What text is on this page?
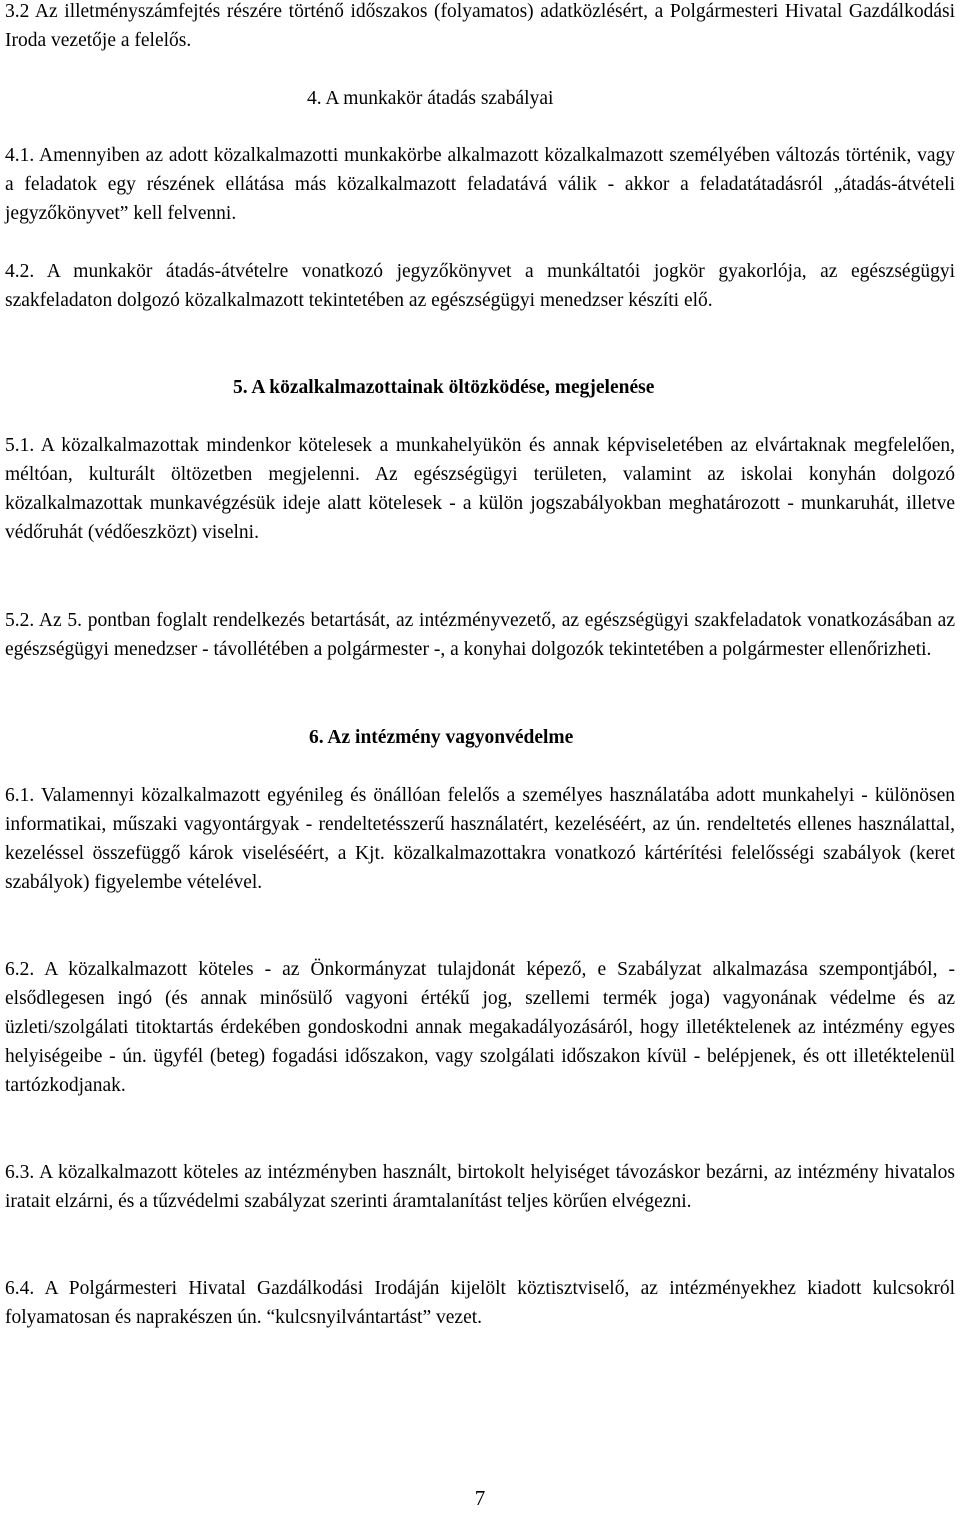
3.2 Az illetményszámfejtés részére történő időszakos (folyamatos) adatközlésért, a Polgármesteri Hivatal Gazdálkodási Iroda vezetője a felelős.
4. A munkakör átadás szabályai
4.1. Amennyiben az adott közalkalmazotti munkakörbe alkalmazott közalkalmazott személyében változás történik, vagy a feladatok egy részének ellátása más közalkalmazott feladatává válik - akkor a feladatátadásról „átadás-átvételi jegyzőkönyvet” kell felvenni.
4.2. A munkakör átadás-átvételre vonatkozó jegyzőkönyvet a munkáltatói jogkör gyakorlója, az egészségügyi szakfeladaton dolgozó közalkalmazott tekintetében az egészségügyi menedzser készíti elő.
5. A közalkalmazottainak öltözködése, megjelenése
5.1. A közalkalmazottak mindenkor kötelesek a munkahelyükön és annak képviseletében az elvártaknak megfelelően, méltóan, kulturált öltözetben megjelenni. Az egészségügyi területen, valamint az iskolai konyhán dolgozó közalkalmazottak munkavégzésük ideje alatt kötelesek - a külön jogszabályokban meghatározott - munkaruhát, illetve védőruhát (védőeszközt) viselni.
5.2. Az 5. pontban foglalt rendelkezés betartását, az intézményvezető, az egészségügyi szakfeladatok vonatkozásában az egészségügyi menedzser - távollétében a polgármester -, a konyhai dolgozók tekintetében a polgármester ellenőrizheti.
6. Az intézmény vagyonvédelme
6.1. Valamennyi közalkalmazott egyénileg és önállóan felelős a személyes használatába adott munkahelyi - különösen informatikai, műszaki vagyontárgyak - rendeltetésszerű használatért, kezeléséért, az ún. rendeltetés ellenes használattal, kezeléssel összefüggő károk viseléséért, a Kjt. közalkalmazottakra vonatkozó kártérítési felelősségi szabályok (keret szabályok) figyelembe vételével.
6.2. A közalkalmazott köteles - az Önkormányzat tulajdonát képező, e Szabályzat alkalmazása szempontjából, - elsődlegesen ingó (és annak minősülő vagyoni értékű jog, szellemi termék joga) vagyonának védelme és az üzleti/szolgálati titoktartás érdekében gondoskodni annak megakadályozásáról, hogy illetéktelenek az intézmény egyes helyiségeibe - ún. ügyfél (beteg) fogadási időszakon, vagy szolgálati időszakon kívül - belépjenek, és ott illetéktelenül tartózkodjanak.
6.3. A közalkalmazott köteles az intézményben használt, birtokolt helyiséget távozáskor bezárni, az intézmény hivatalos iratait elzárni, és a tűzvédelmi szabályzat szerinti áramtalanítást teljes körűen elvégezni.
6.4. A Polgármesteri Hivatal Gazdálkodási Irodáján kijelölt köztisztviselő, az intézményekhez kiadott kulcsokról folyamatosan és naprakészen ún. “kulcsnyilvántartást” vezet.
7
